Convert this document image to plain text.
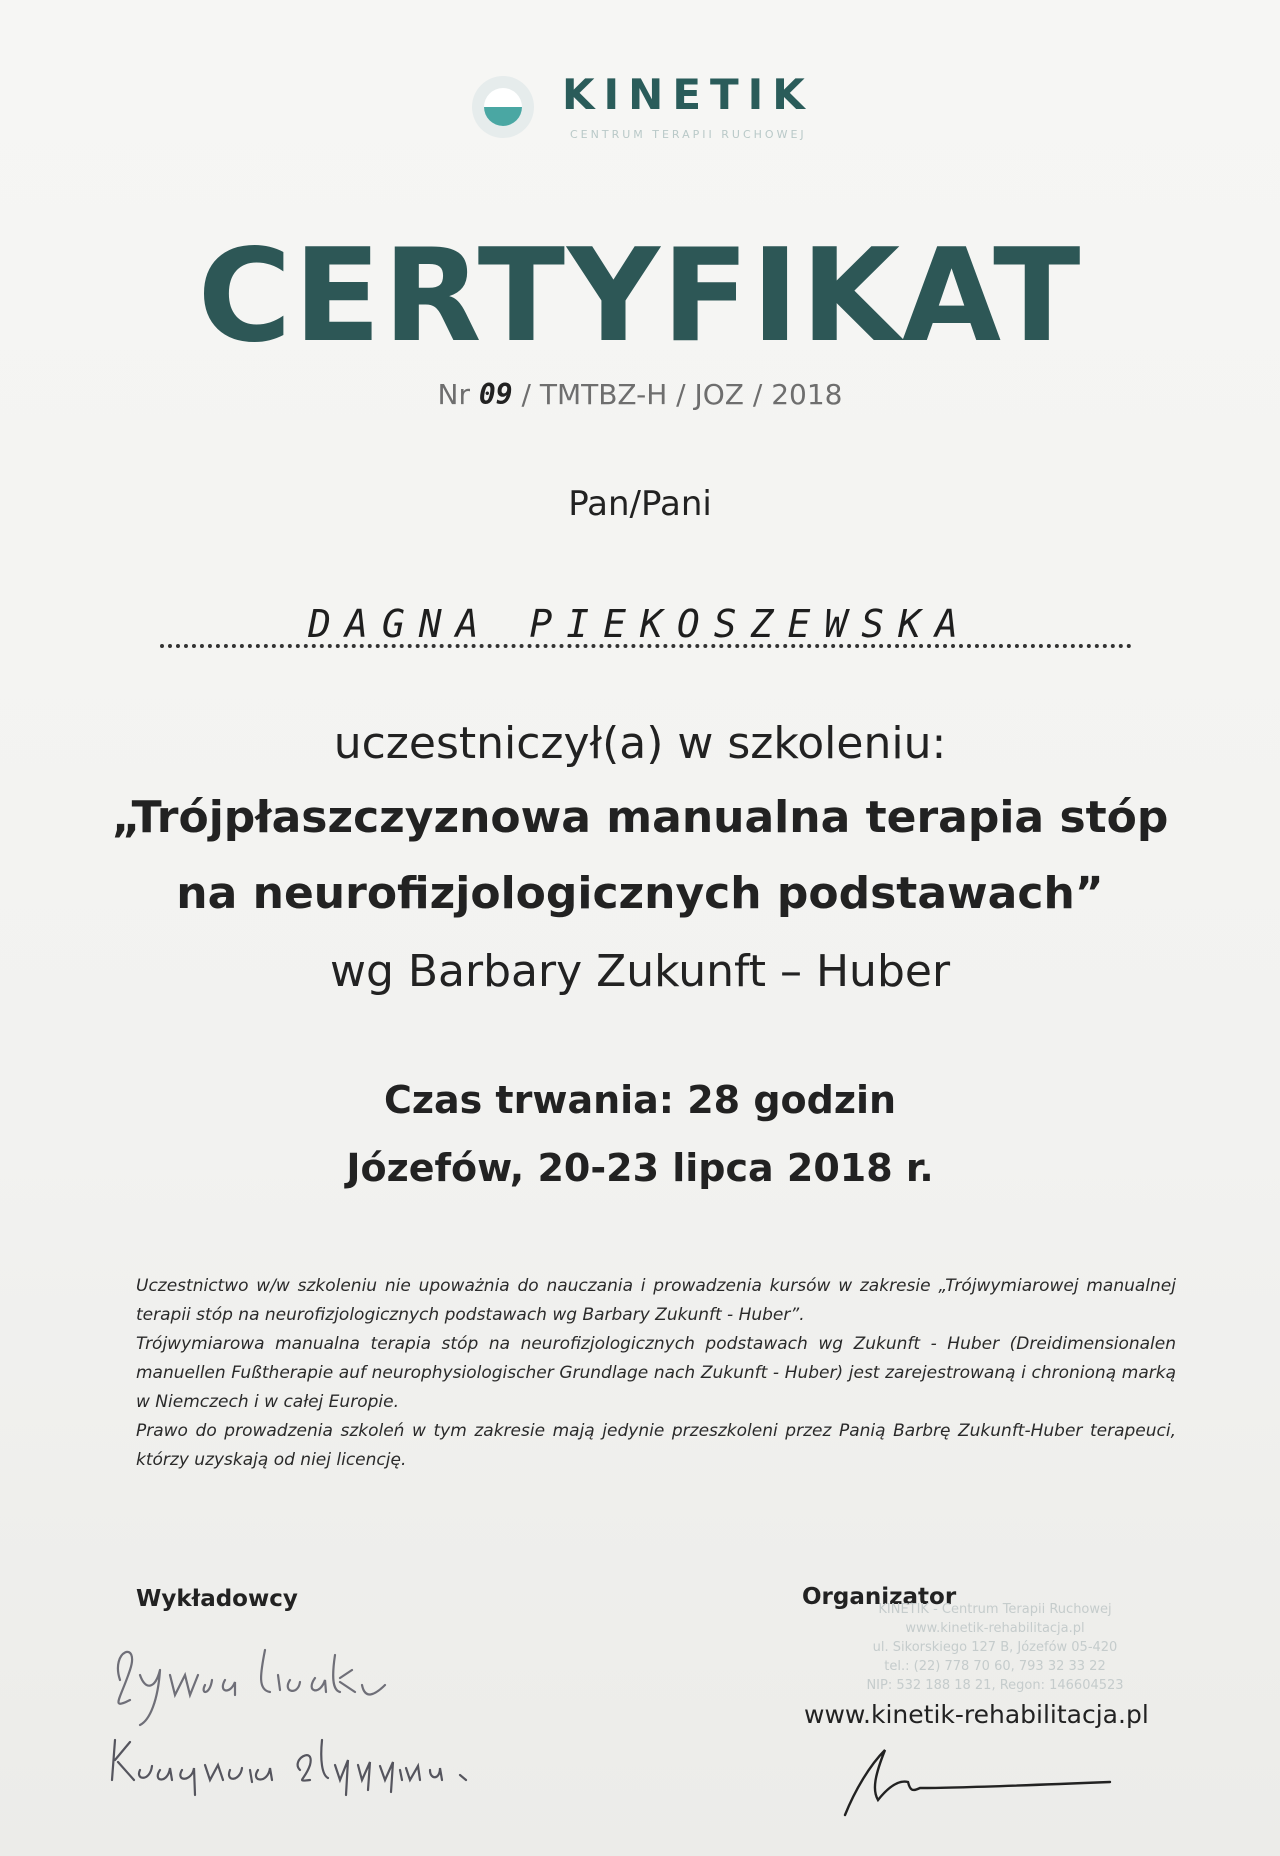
KINETIK
CENTRUM TERAPII RUCHOWEJ
CERTYFIKAT
Nr 09 / TMTBZ-H / JOZ / 2018
Pan/Pani
DAGNA PIEKOSZEWSKA
uczestniczył(a) w szkoleniu:
„Trójpłaszczyznowa manualna terapia stóp
na neurofizjologicznych podstawach”
wg Barbary Zukunft – Huber
Czas trwania: 28 godzin
Józefów, 20-23 lipca 2018 r.

Uczestnictwo w/w szkoleniu nie upoważnia do nauczania i prowadzenia kursów w zakresie „Trójwymiarowej manualnej terapii stóp na neurofizjologicznych podstawach wg Barbary Zukunft - Huber”.

Trójwymiarowa manualna terapia stóp na neurofizjologicznych podstawach wg Zukunft - Huber (Dreidimensionalen manuellen Fußtherapie auf neurophysiologischer Grundlage nach Zukunft - Huber) jest zarejestrowaną i chronioną marką w Niemczech i w całej Europie.

Prawo do prowadzenia szkoleń w tym zakresie mają jedynie przeszkoleni przez Panią Barbrę Zukunft-Huber terapeuci, którzy uzyskają od niej licencję.

Wykładowcy	Organizator

KINETIK - Centrum Terapii Ruchowej

www.kinetik-rehabilitacja.pl

ul. Sikorskiego 127 B, Józefów 05-420

tel.: (22) 778 70 60, 793 32 33 22

NIP: 532 188 18 21, Regon: 146604523

www.kinetik-rehabilitacja.pl
